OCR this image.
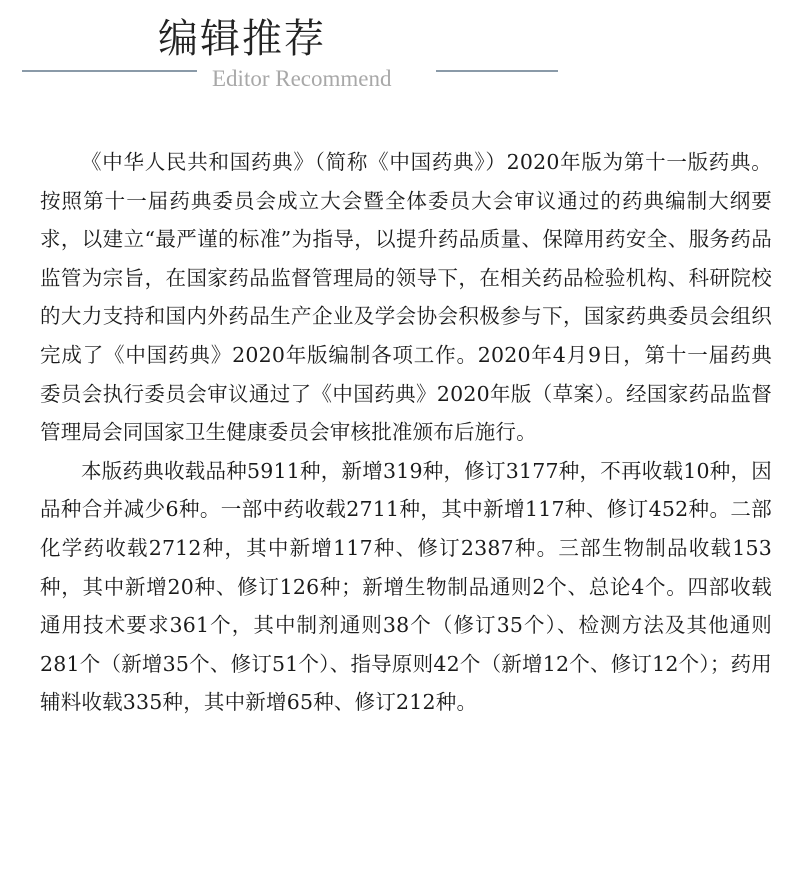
编辑推荐
Editor Recommend

《中华人民共和国药典》（简称《中国药典》）2020年版为第十一版药典。按照第十一届药典委员会成立大会暨全体委员大会审议通过的药典编制大纲要求，以建立“最严谨的标准”为指导，以提升药品质量、保障用药安全、服务药品监管为宗旨，在国家药品监督管理局的领导下，在相关药品检验机构、科研院校的大力支持和国内外药品生产企业及学会协会积极参与下，国家药典委员会组织完成了《中国药典》2020年版编制各项工作。2020年4月9日，第十一届药典委员会执行委员会审议通过了《中国药典》2020年版（草案）。经国家药品监督管理局会同国家卫生健康委员会审核批准颁布后施行。

本版药典收载品种5911种，新增319种，修订3177种，不再收载10种，因品种合并减少6种。一部中药收载2711种，其中新增117种、修订452种。二部化学药收载2712种，其中新增117种、修订2387种。三部生物制品收载153种，其中新增20种、修订126种；新增生物制品通则2个、总论4个。四部收载通用技术要求361个，其中制剂通则38个（修订35个）、检测方法及其他通则281个（新增35个、修订51个）、指导原则42个（新增12个、修订12个）；药用辅料收载335种，其中新增65种、修订212种。
